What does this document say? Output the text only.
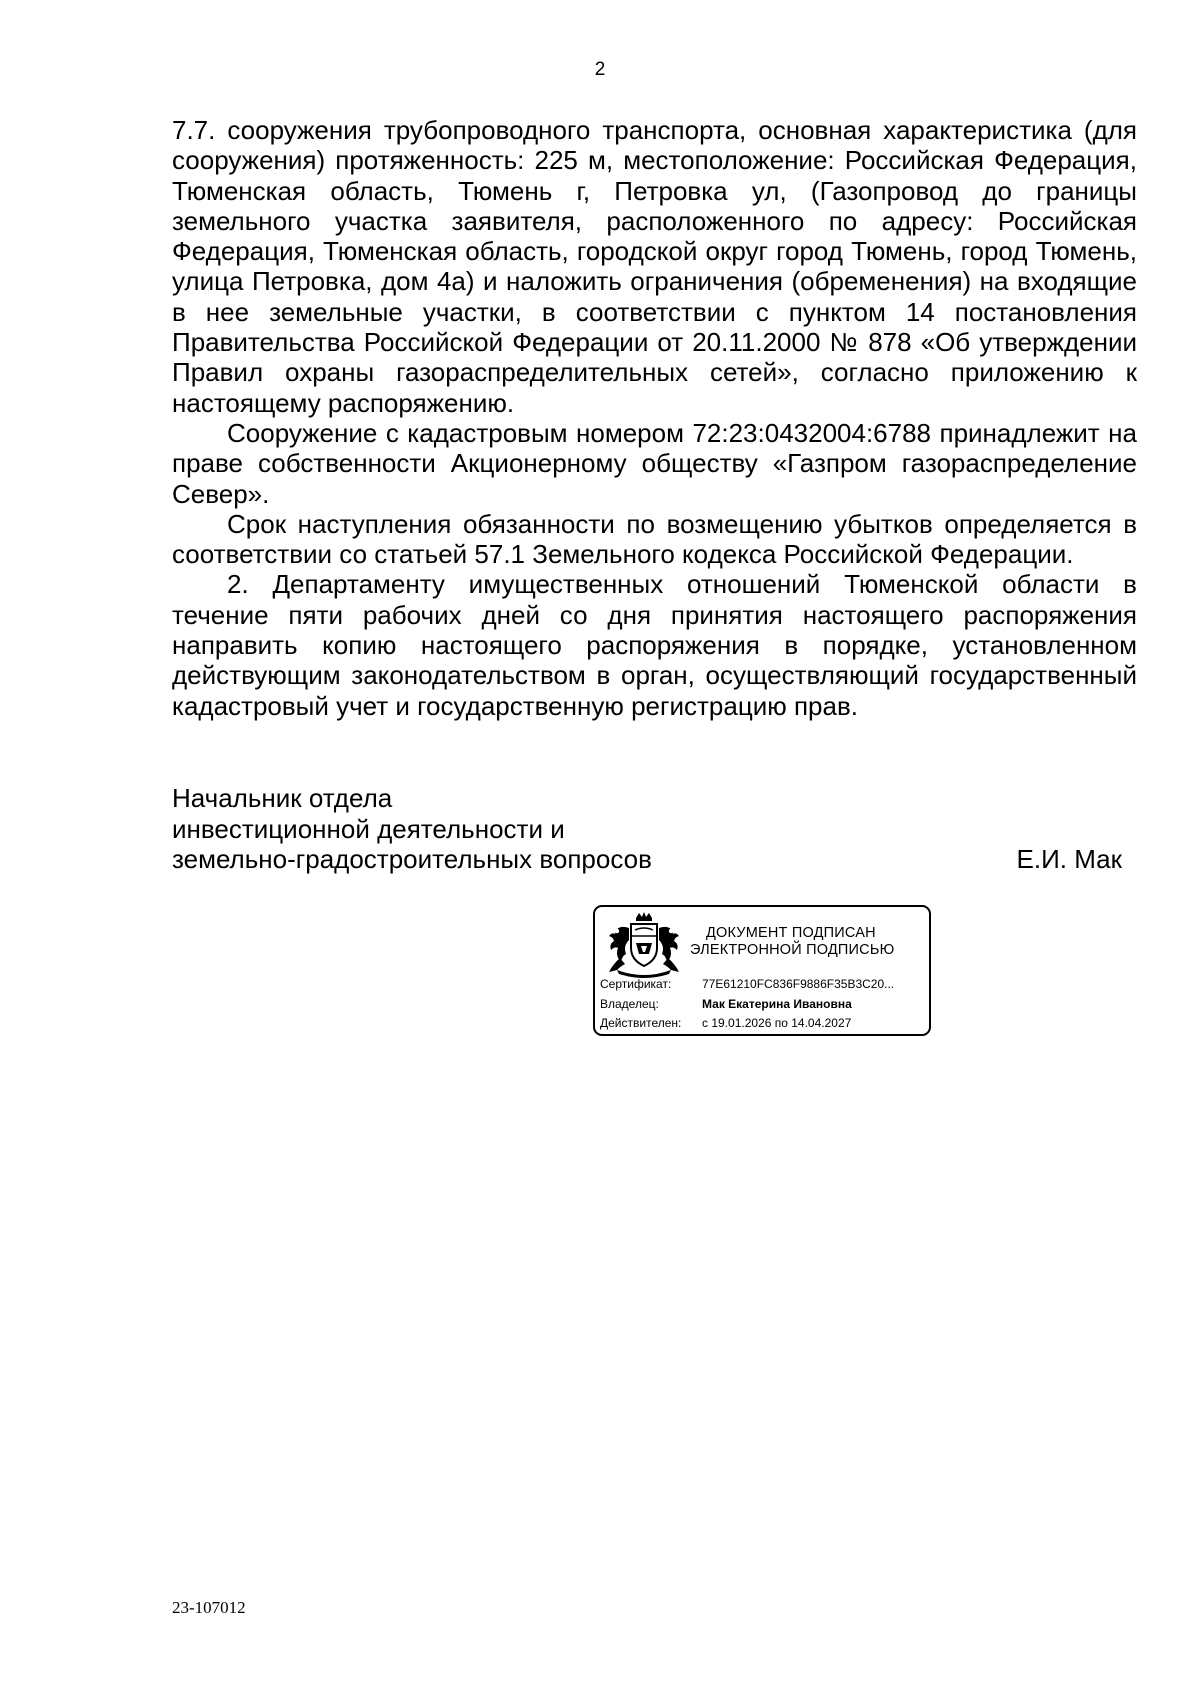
2

7.7. сооружения трубопроводного транспорта, основная характеристика (для сооружения) протяженность: 225 м, местоположение: Российская Федерация, Тюменская область, Тюмень г, Петровка ул, (Газопровод до границы земельного участка заявителя, расположенного по адресу: Российская Федерация, Тюменская область, городской округ город Тюмень, город Тюмень, улица Петровка, дом 4а) и наложить ограничения (обременения) на входящие в нее земельные участки, в соответствии с пунктом 14 постановления Правительства Российской Федерации от 20.11.2000 № 878 «Об утверждении Правил охраны газораспределительных сетей», согласно приложению к настоящему распоряжению.

Сооружение с кадастровым номером 72:23:0432004:6788 принадлежит на праве собственности Акционерному обществу «Газпром газораспределение Север».

Срок наступления обязанности по возмещению убытков определяется в соответствии со статьей 57.1 Земельного кодекса Российской Федерации.

2. Департаменту имущественных отношений Тюменской области в течение пяти рабочих дней со дня принятия настоящего распоряжения направить копию настоящего распоряжения в порядке, установленном действующим законодательством в орган, осуществляющий государственный кадастровый учет и государственную регистрацию прав.

Начальник отдела
инвестиционной деятельности и
земельно-градостроительных вопросов	Е.И. Мак
ДОКУМЕНТ ПОДПИСАН
ЭЛЕКТРОННОЙ ПОДПИСЬЮ
Сертификат:	77E61210FC836F9886F35B3C20...
Владелец:	Мак Екатерина Ивановна
Действителен:	с 19.01.2026 по 14.04.2027
23-107012
